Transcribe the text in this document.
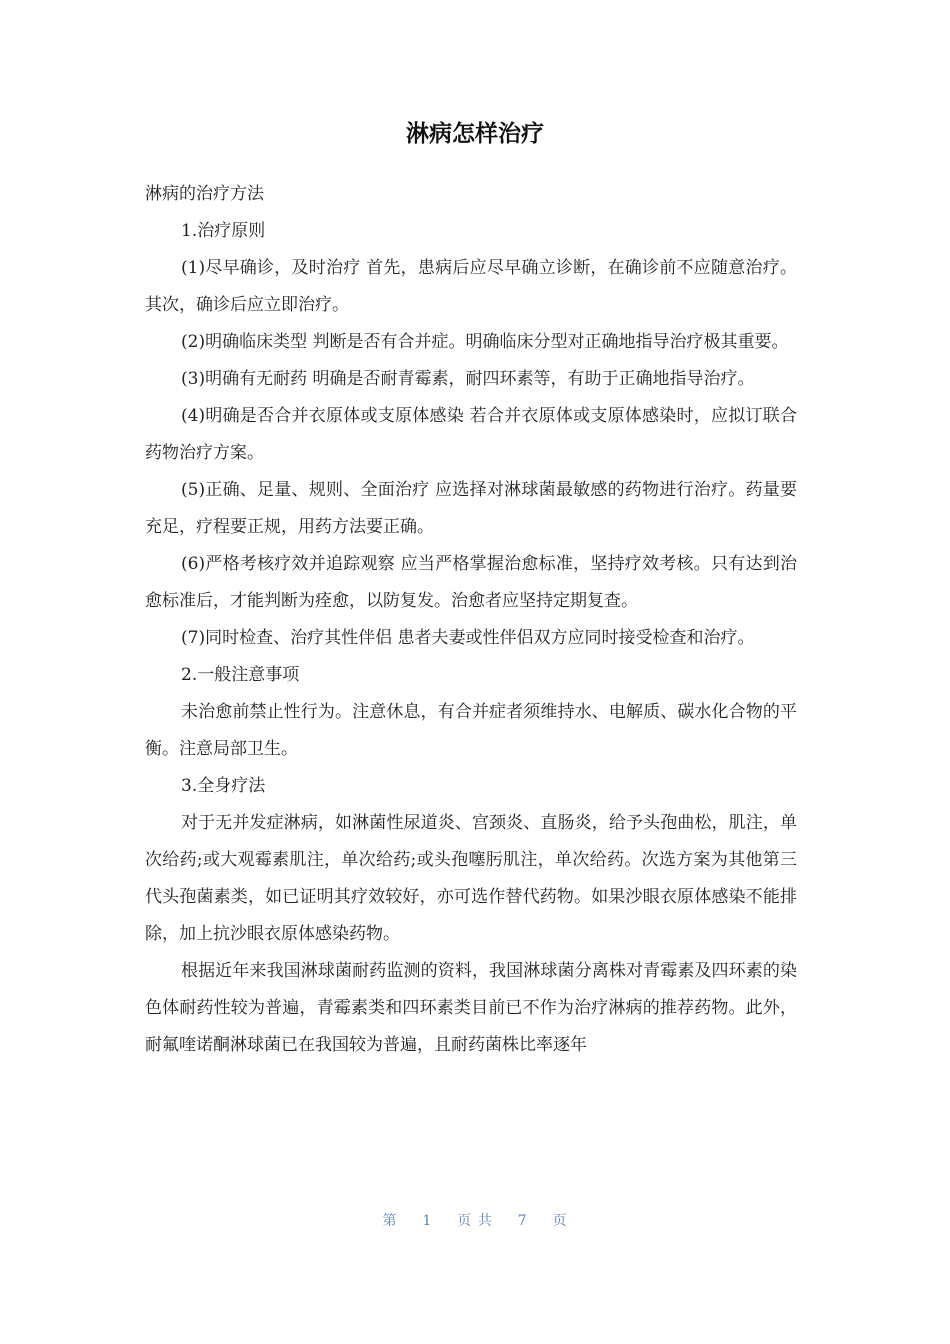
淋病怎样治疗

淋病的治疗方法

1.治疗原则

(1)尽早确诊，及时治疗 首先，患病后应尽早确立诊断，在确诊前不应随意治疗。其次，确诊后应立即治疗。

(2)明确临床类型 判断是否有合并症。明确临床分型对正确地指导治疗极其重要。

(3)明确有无耐药 明确是否耐青霉素，耐四环素等，有助于正确地指导治疗。

(4)明确是否合并衣原体或支原体感染 若合并衣原体或支原体感染时，应拟订联合药物治疗方案。

(5)正确、足量、规则、全面治疗 应选择对淋球菌最敏感的药物进行治疗。药量要充足，疗程要正规，用药方法要正确。

(6)严格考核疗效并追踪观察 应当严格掌握治愈标准，坚持疗效考核。只有达到治愈标准后，才能判断为痊愈，以防复发。治愈者应坚持定期复查。

(7)同时检查、治疗其性伴侣 患者夫妻或性伴侣双方应同时接受检查和治疗。

2.一般注意事项

未治愈前禁止性行为。注意休息，有合并症者须维持水、电解质、碳水化合物的平衡。注意局部卫生。

3.全身疗法

对于无并发症淋病，如淋菌性尿道炎、宫颈炎、直肠炎，给予头孢曲松，肌注，单次给药;或大观霉素肌注，单次给药;或头孢噻肟肌注，单次给药。次选方案为其他第三代头孢菌素类，如已证明其疗效较好，亦可选作替代药物。如果沙眼衣原体感染不能排除，加上抗沙眼衣原体感染药物。

根据近年来我国淋球菌耐药监测的资料，我国淋球菌分离株对青霉素及四环素的染色体耐药性较为普遍，青霉素类和四环素类目前已不作为治疗淋病的推荐药物。此外，耐氟喹诺酮淋球菌已在我国较为普遍，且耐药菌株比率逐年

第 1 页 共 7 页
